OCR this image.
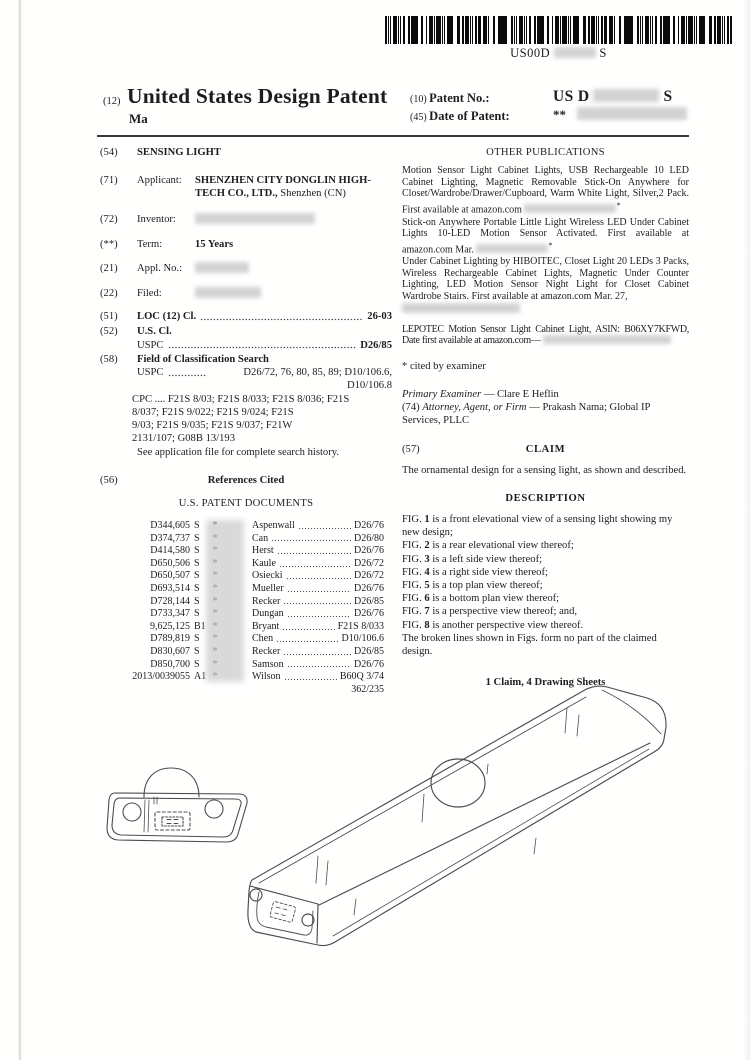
US00D	S
(12) United States Design Patent
Ma
(10) Patent No.:	US D	S
(45) Date of Patent:	**
(54)	SENSING LIGHT
(71)	Applicant:	SHENZHEN CITY DONGLIN HIGH-TECH CO., LTD., Shenzhen (CN)
(72)	Inventor:
(**)	Term:	15 Years
(21)	Appl. No.:
(22)	Filed:
(51)	LOC (12) Cl.	26-03
(52)	U.S. Cl.
USPC	D26/85
(58)	Field of Classification Search
USPC	D26/72, 76, 80, 85, 89; D10/106.6,
D10/106.8
CPC .... F21S 8/03; F21S 8/033; F21S 8/036; F21S
8/037; F21S 9/022; F21S 9/024; F21S
9/03; F21S 9/035; F21S 9/037; F21W
2131/107; G08B 13/193
See application file for complete search history.
(56)	References Cited
U.S. PATENT DOCUMENTS
D344,605 S	Aspenwall	D26/76
D374,737 S	Can	D26/80
D414,580 S	Herst	D26/76
D650,506 S	Kaule	D26/72
D650,507 S	Osiecki	D26/72
D693,514 S	Mueller	D26/76
D728,144 S	Recker	D26/85
D733,347 S	Dungan	D26/76
9,625,125 B1	Bryant	F21S 8/033
D789,819 S	Chen	D10/106.6
D830,607 S	Recker	D26/85
D850,700 S	Samson	D26/76
2013/0039055 A1	Wilson	B60Q 3/74
362/235
OTHER PUBLICATIONS

Motion Sensor Light Cabinet Lights, USB Rechargeable 10 LED Cabinet Lighting, Magnetic Removable Stick-On Anywhere for Closet/Wardrobe/Drawer/Cupboard, Warm White Light, Silver,2 Pack. First available at amazon.com	*

Stick-on Anywhere Portable Little Light Wireless LED Under Cabinet Lights 10-LED Motion Sensor Activated. First available at amazon.com Mar.	*

Under Cabinet Lighting by HIBOITEC, Closet Light 20 LEDs 3 Packs, Wireless Rechargeable Cabinet Lights, Magnetic Under Counter Lighting, LED Motion Sensor Night Light for Closet Cabinet Wardrobe Stairs. First available at amazon.com Mar. 27,

LEPOTEC Motion Sensor Light Cabinet Light, ASIN: B06XY7KFWD, Date first available at amazon.com—

* cited by examiner
Primary Examiner — Clare E Heflin
(74) Attorney, Agent, or Firm — Prakash Nama; Global IP Services, PLLC
(57)	CLAIM
The ornamental design for a sensing light, as shown and described.
DESCRIPTION
FIG. 1 is a front elevational view of a sensing light showing my new design;
FIG. 2 is a rear elevational view thereof;
FIG. 3 is a left side view thereof;
FIG. 4 is a right side view thereof;
FIG. 5 is a top plan view thereof;
FIG. 6 is a bottom plan view thereof;
FIG. 7 is a perspective view thereof; and,
FIG. 8 is another perspective view thereof.
The broken lines shown in Figs. form no part of the claimed design.
1 Claim, 4 Drawing Sheets
